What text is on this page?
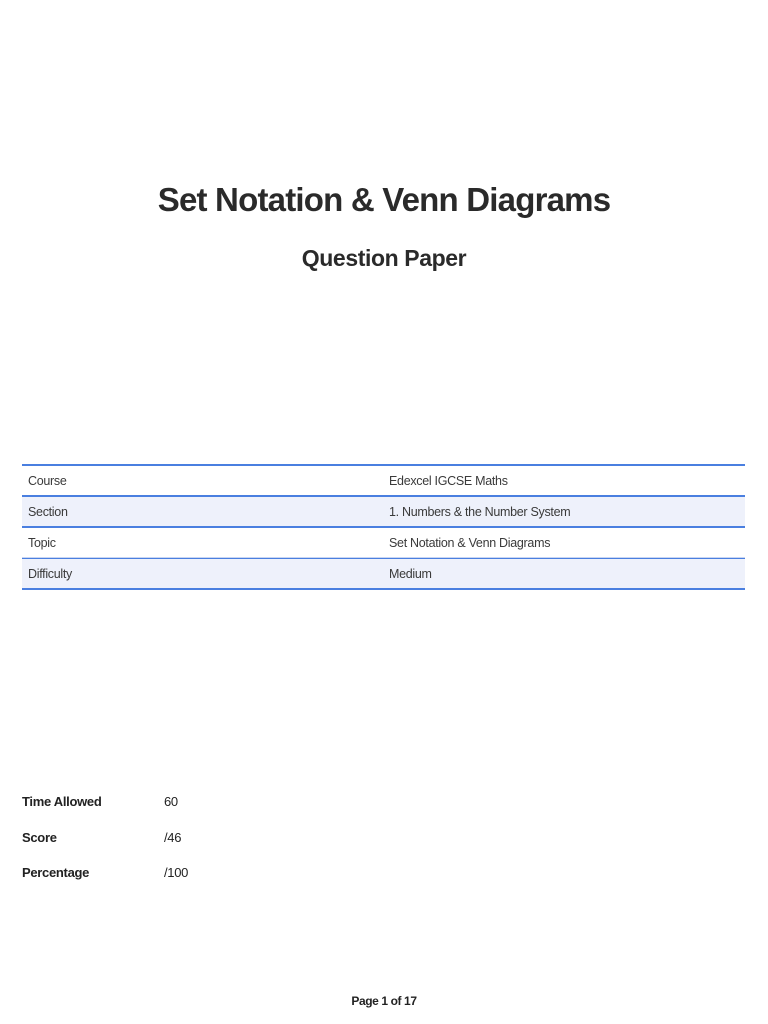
Set Notation & Venn Diagrams
Question Paper
Course	Edexcel IGCSE Maths
Section	1. Numbers & the Number System
Topic	Set Notation & Venn Diagrams
Difficulty	Medium
Time Allowed	60
Score	/46
Percentage	/100
Page 1 of 17
